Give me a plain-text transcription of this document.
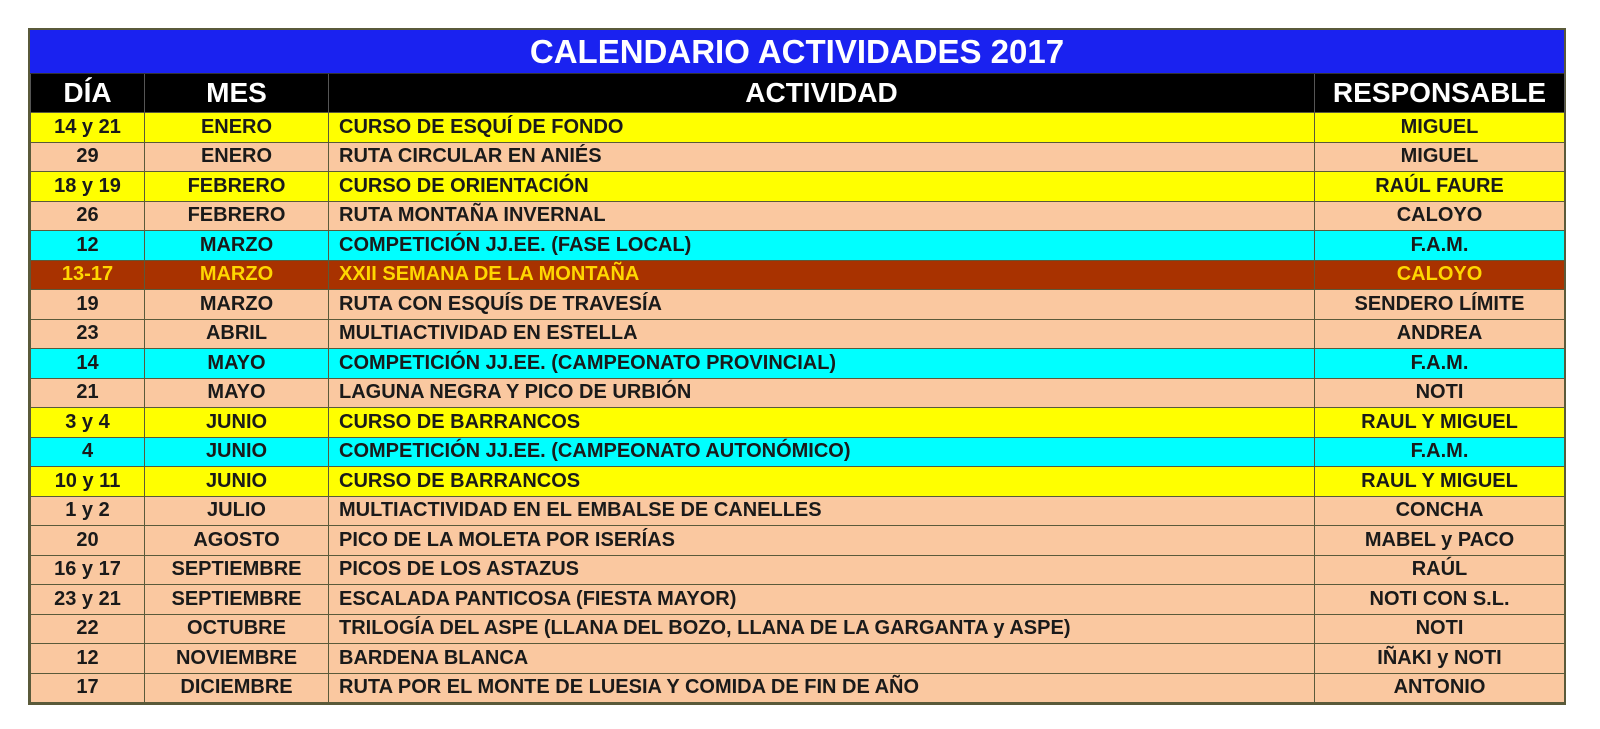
CALENDARIO ACTIVIDADES 2017
DÍA	MES	ACTIVIDAD	RESPONSABLE
14 y 21	ENERO	CURSO DE ESQUÍ DE FONDO	MIGUEL
29	ENERO	RUTA CIRCULAR EN ANIÉS	MIGUEL
18 y 19	FEBRERO	CURSO DE ORIENTACIÓN	RAÚL FAURE
26	FEBRERO	RUTA MONTAÑA INVERNAL	CALOYO
12	MARZO	COMPETICIÓN JJ.EE. (FASE LOCAL)	F.A.M.
13-17	MARZO	XXII SEMANA DE LA MONTAÑA	CALOYO
19	MARZO	RUTA CON ESQUÍS DE TRAVESÍA	SENDERO LÍMITE
23	ABRIL	MULTIACTIVIDAD EN ESTELLA	ANDREA
14	MAYO	COMPETICIÓN JJ.EE. (CAMPEONATO PROVINCIAL)	F.A.M.
21	MAYO	LAGUNA NEGRA Y PICO DE URBIÓN	NOTI
3 y 4	JUNIO	CURSO DE BARRANCOS	RAUL Y MIGUEL
4	JUNIO	COMPETICIÓN JJ.EE. (CAMPEONATO AUTONÓMICO)	F.A.M.
10 y 11	JUNIO	CURSO DE BARRANCOS	RAUL Y MIGUEL
1 y 2	JULIO	MULTIACTIVIDAD EN EL EMBALSE DE CANELLES	CONCHA
20	AGOSTO	PICO DE LA MOLETA POR ISERÍAS	MABEL y PACO
16 y 17	SEPTIEMBRE	PICOS DE LOS ASTAZUS	RAÚL
23 y 21	SEPTIEMBRE	ESCALADA PANTICOSA (FIESTA MAYOR)	NOTI CON S.L.
22	OCTUBRE	TRILOGÍA DEL ASPE (LLANA DEL BOZO, LLANA DE LA GARGANTA y ASPE)	NOTI
12	NOVIEMBRE	BARDENA BLANCA	IÑAKI y NOTI
17	DICIEMBRE	RUTA POR EL MONTE DE LUESIA Y COMIDA DE FIN DE AÑO	ANTONIO
